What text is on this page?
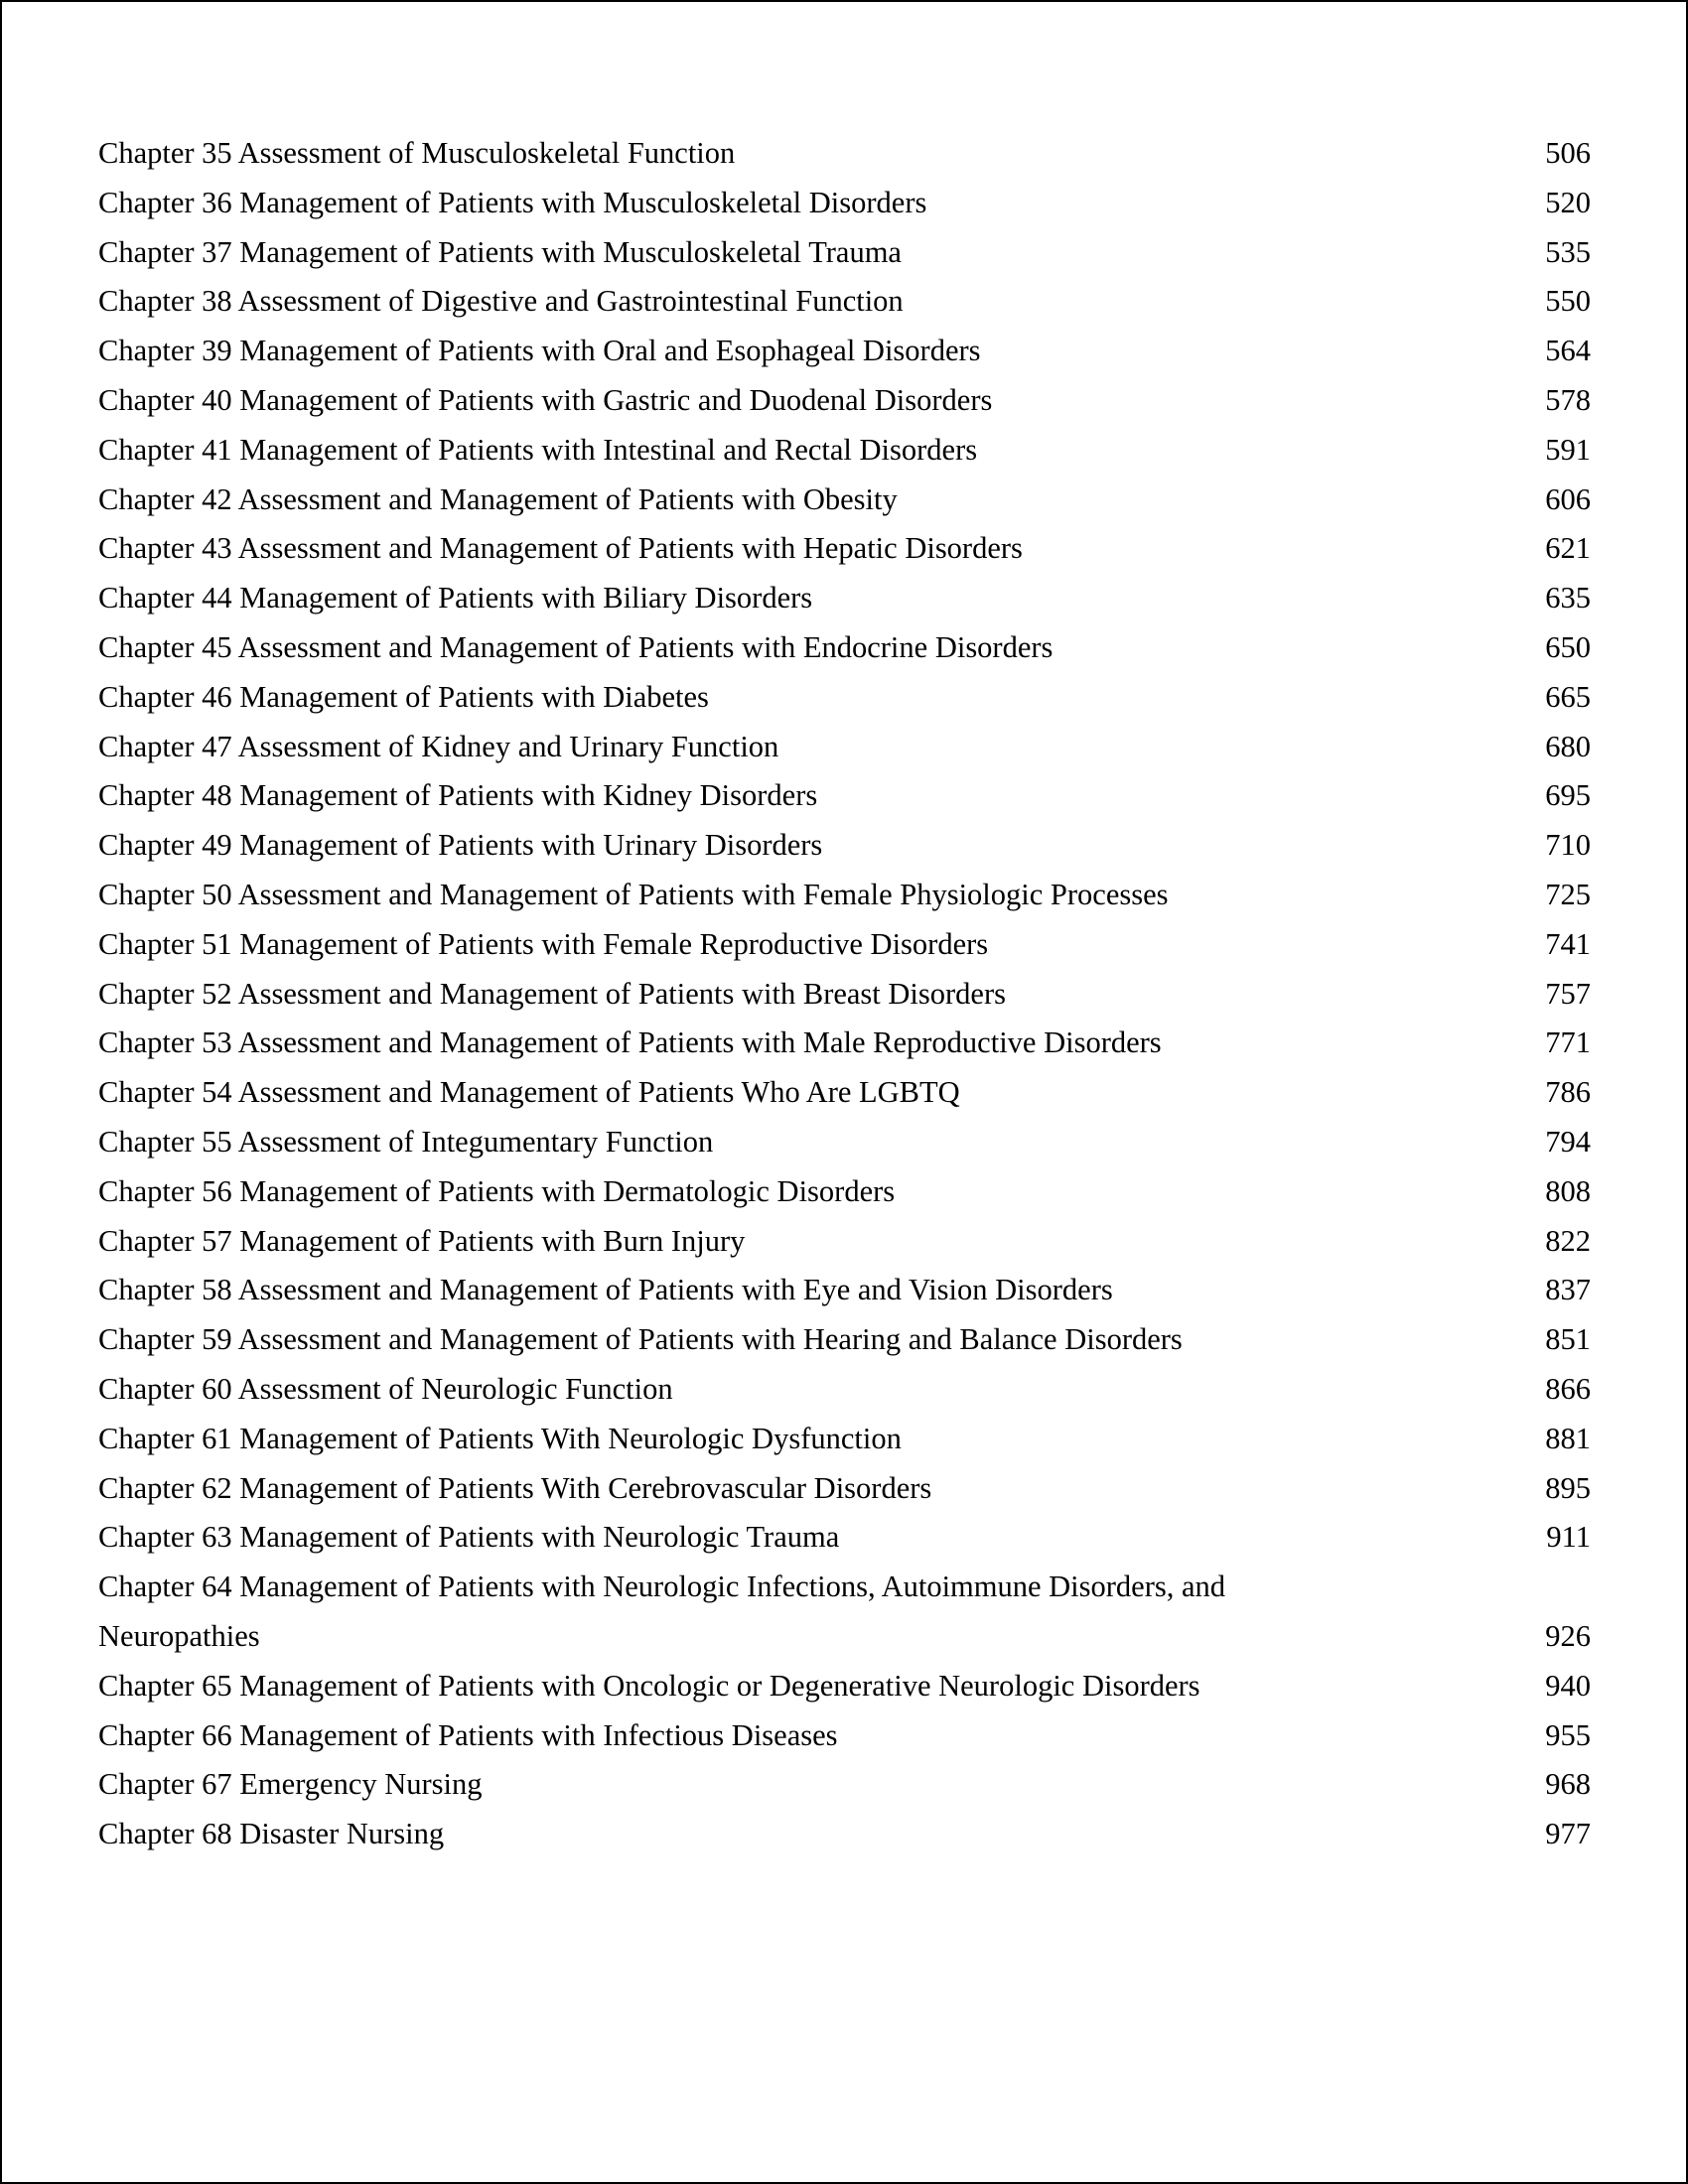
Chapter 35 Assessment of Musculoskeletal Function	506
Chapter 36 Management of Patients with Musculoskeletal Disorders	520
Chapter 37 Management of Patients with Musculoskeletal Trauma	535
Chapter 38 Assessment of Digestive and Gastrointestinal Function	550
Chapter 39 Management of Patients with Oral and Esophageal Disorders	564
Chapter 40 Management of Patients with Gastric and Duodenal Disorders	578
Chapter 41 Management of Patients with Intestinal and Rectal Disorders	591
Chapter 42 Assessment and Management of Patients with Obesity	606
Chapter 43 Assessment and Management of Patients with Hepatic Disorders	621
Chapter 44 Management of Patients with Biliary Disorders	635
Chapter 45 Assessment and Management of Patients with Endocrine Disorders	650
Chapter 46 Management of Patients with Diabetes	665
Chapter 47 Assessment of Kidney and Urinary Function	680
Chapter 48 Management of Patients with Kidney Disorders	695
Chapter 49 Management of Patients with Urinary Disorders	710
Chapter 50 Assessment and Management of Patients with Female Physiologic Processes	725
Chapter 51 Management of Patients with Female Reproductive Disorders	741
Chapter 52 Assessment and Management of Patients with Breast Disorders	757
Chapter 53 Assessment and Management of Patients with Male Reproductive Disorders	771
Chapter 54 Assessment and Management of Patients Who Are LGBTQ	786
Chapter 55 Assessment of Integumentary Function	794
Chapter 56 Management of Patients with Dermatologic Disorders	808
Chapter 57 Management of Patients with Burn Injury	822
Chapter 58 Assessment and Management of Patients with Eye and Vision Disorders	837
Chapter 59 Assessment and Management of Patients with Hearing and Balance Disorders	851
Chapter 60 Assessment of Neurologic Function	866
Chapter 61 Management of Patients With Neurologic Dysfunction	881
Chapter 62 Management of Patients With Cerebrovascular Disorders	895
Chapter 63 Management of Patients with Neurologic Trauma	911
Chapter 64 Management of Patients with Neurologic Infections, Autoimmune Disorders, and Neuropathies	926
Chapter 65 Management of Patients with Oncologic or Degenerative Neurologic Disorders	940
Chapter 66 Management of Patients with Infectious Diseases	955
Chapter 67 Emergency Nursing	968
Chapter 68 Disaster Nursing	977
